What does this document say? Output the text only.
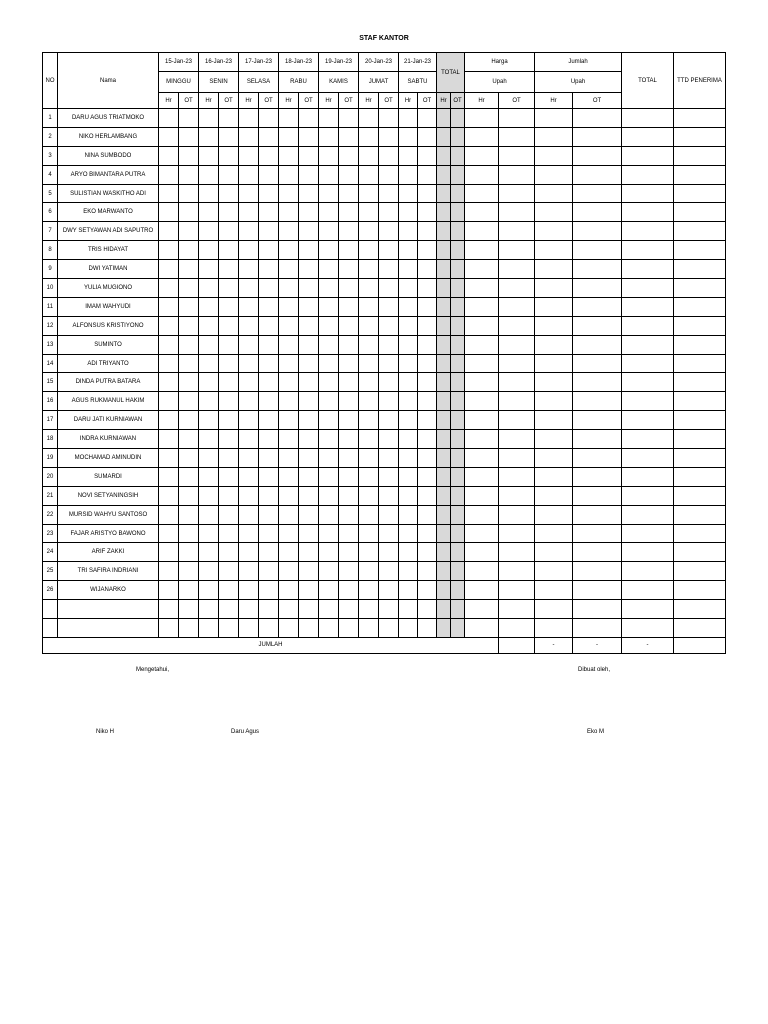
STAF KANTOR
NO	Nama	15-Jan-23		16-Jan-23		17-Jan-23		18-Jan-23		19-Jan-23		20-Jan-23		21-Jan-23		TOTAL		Harga		Jumlah		TOTAL	TTD PENERIMA
		MINGGU		SENIN		SELASA		RABU		KAMIS		JUMAT		SABTU				Upah		Upah			
		Hr	OT	Hr	OT	Hr	OT	Hr	OT	Hr	OT	Hr	OT	Hr	OT	Hr	OT	Hr	OT	Hr	OT		
1	DARU AGUS TRIATMOKO																						
2	NIKO HERLAMBANG																						
3	NINA SUMBODO																						
4	ARYO BIMANTARA PUTRA																						
5	SULISTIAN WASKITHO ADI																						
6	EKO MARWANTO																						
7	DWY SETYAWAN ADI SAPUTRO																						
8	TRIS HIDAYAT																						
9	DWI YATIMAN																						
10	YULIA MUGIONO																						
11	IMAM WAHYUDI																						
12	ALFONSUS KRISTIYONO																						
13	SUMINTO																						
14	ADI TRIYANTO																						
15	DINDA PUTRA BATARA																						
16	AGUS RUKMANUL HAKIM																						
17	DARU JATI KURNIAWAN																						
18	INDRA KURNIAWAN																						
19	MOCHAMAD AMINUDIN																						
20	SUMARDI																						
21	NOVI SETYANINGSIH																						
22	MURSID WAHYU SANTOSO																						
23	FAJAR ARISTYO BAWONO																						
24	ARIF ZAKKI																						
25	TRI SAFIRA INDRIANI																						
26	WIJANARKO																						

JUMLAH																				-	-	-	
Mengetahui,	Dibuat oleh,
Niko H	Daru Agus	Eko M
